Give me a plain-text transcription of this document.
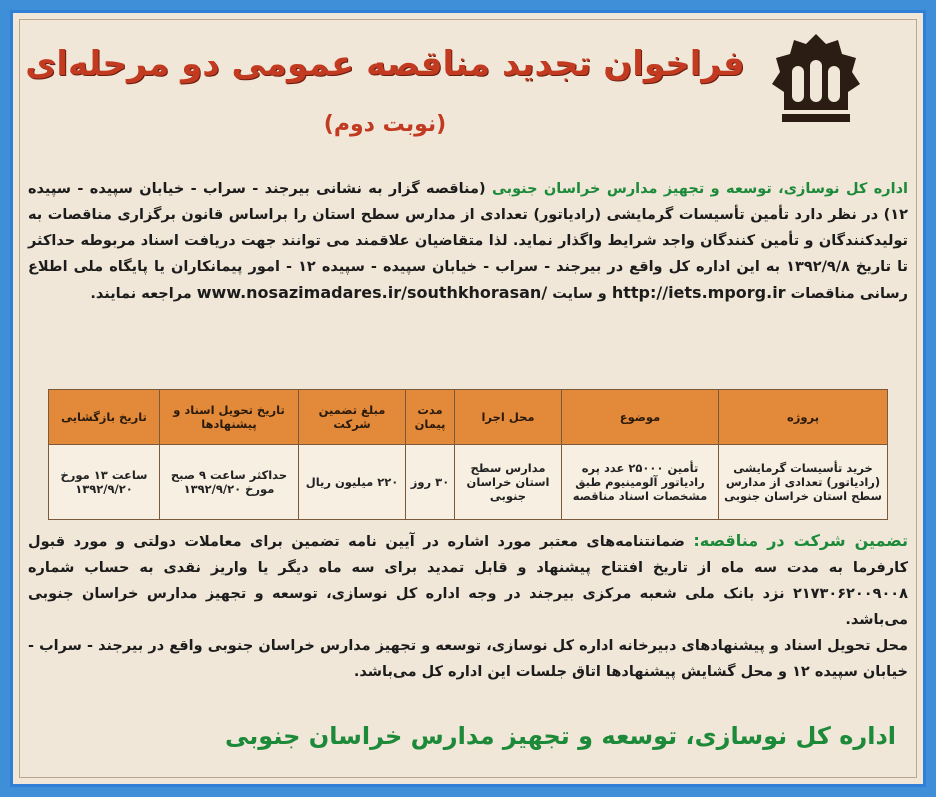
فراخوان تجدید مناقصه عمومی دو مرحله‌ای
(نوبت دوم)
اداره کل نوسازی، توسعه و تجهیز مدارس خراسان جنوبی (مناقصه گزار به نشانی بیرجند - سراب - خیابان سپیده - سپیده ۱۲) در نظر دارد تأمین تأسیسات گرمایشی (رادیاتور) تعدادی از مدارس سطح استان را براساس قانون برگزاری مناقصات به تولیدکنندگان و تأمین کنندگان واجد شرایط واگذار نماید. لذا متقاضیان علاقمند می توانند جهت دریافت اسناد مربوطه حداکثر تا تاریخ ۱۳۹۲/۹/۸ به این اداره کل واقع در بیرجند - سراب - خیابان سپیده - سپیده ۱۲ - امور پیمانکاران یا پایگاه ملی اطلاع رسانی مناقصات http://iets.mporg.ir و سایت www.nosazimadares.ir/southkhorasan/ مراجعه نمایند.
پروژه	موضوع	محل اجرا	مدت پیمان	مبلغ تضمین شرکت	تاریخ تحویل اسناد و پیشنهادها	تاریخ بازگشایی
خرید تأسیسات گرمایشی (رادیاتور) تعدادی از مدارس سطح استان خراسان جنوبی	تأمین ۲۵۰۰۰ عدد پره رادیاتور آلومینیوم طبق مشخصات اسناد مناقصه	مدارس سطح استان خراسان جنوبی	۳۰ روز	۲۲۰ میلیون ریال	حداکثر ساعت ۹ صبح مورخ ۱۳۹۲/۹/۲۰	ساعت ۱۳ مورخ ۱۳۹۲/۹/۲۰
تضمین شرکت در مناقصه: ضمانتنامه‌های معتبر مورد اشاره در آیین نامه تضمین برای معاملات دولتی و مورد قبول کارفرما به مدت سه ماه از تاریخ افتتاح پیشنهاد و قابل تمدید برای سه ماه دیگر یا واریز نقدی به حساب شماره ۲۱۷۳۰۶۲۰۰۹۰۰۸ نزد بانک ملی شعبه مرکزی بیرجند در وجه اداره کل نوسازی، توسعه و تجهیز مدارس خراسان جنوبی می‌باشد.
محل تحویل اسناد و پیشنهادهای دبیرخانه اداره کل نوسازی، توسعه و تجهیز مدارس خراسان جنوبی واقع در بیرجند - سراب - خیابان سپیده ۱۲ و محل گشایش پیشنهادها اتاق جلسات این اداره کل می‌باشد.
اداره کل نوسازی، توسعه و تجهیز مدارس خراسان جنوبی
